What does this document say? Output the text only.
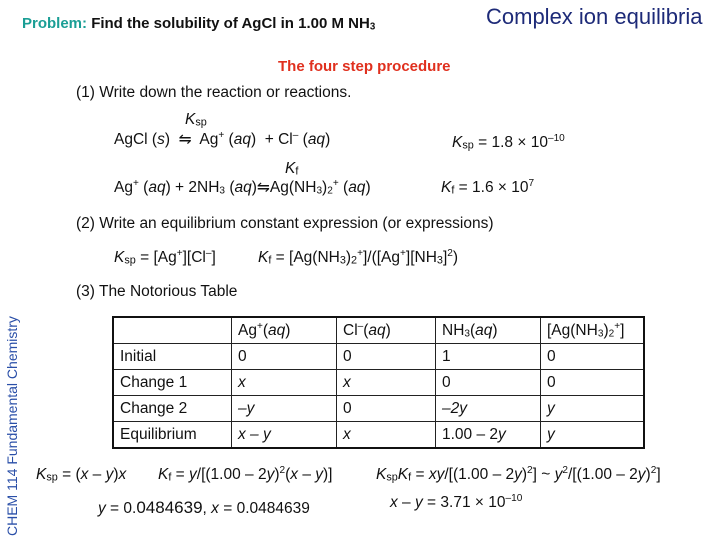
Problem: Find the solubility of AgCl in 1.00 M $NH_3$	Complex ion equilibria
The four step procedure
(1) Write down the reaction or reactions.
$K_{sp}$
AgCl (s)  ⇋ Ag+ (aq)  + Cl– (aq)
$K_f$
Ag+ $(aq) + 2NH_3$ $(aq)⇋Ag(NH_3)_2^+$ (aq)
$K_{sp} = 1.8 \times 10^{-10}$
$K_f = 1.6 \times 10^7$
(2) Write an equilibrium constant expression (or expressions)
$K_{sp} = [Ag^+][Cl^-]$	$K_f = [Ag(NH_3)_2^+]/([Ag^+][NH_3]^2)$
(3) The Notorious Table
	Ag+(aq)	Cl–(aq)	$NH_3(aq)$	$[Ag(NH_3)_2^+]$
Initial	0	0	1	0
Change 1	x	x	0	0
Change 2	–y	0	–2y	y
Equilibrium	x – y	x	1.00 – 2y	y
$K_{sp} = (x - y)x$ $K_f = y/[(1.00 - 2y)^2(x - y)]$	$K_{sp}K_f = xy/[(1.00 - 2y)^2]$ ~ $y^2/[(1.00 - 2y)^2]$
y = 0.0484639, x = 0.0484639	$x - y = 3.71 \times 10^{-10}$
CHEM 114 Fundamental Chemistry
